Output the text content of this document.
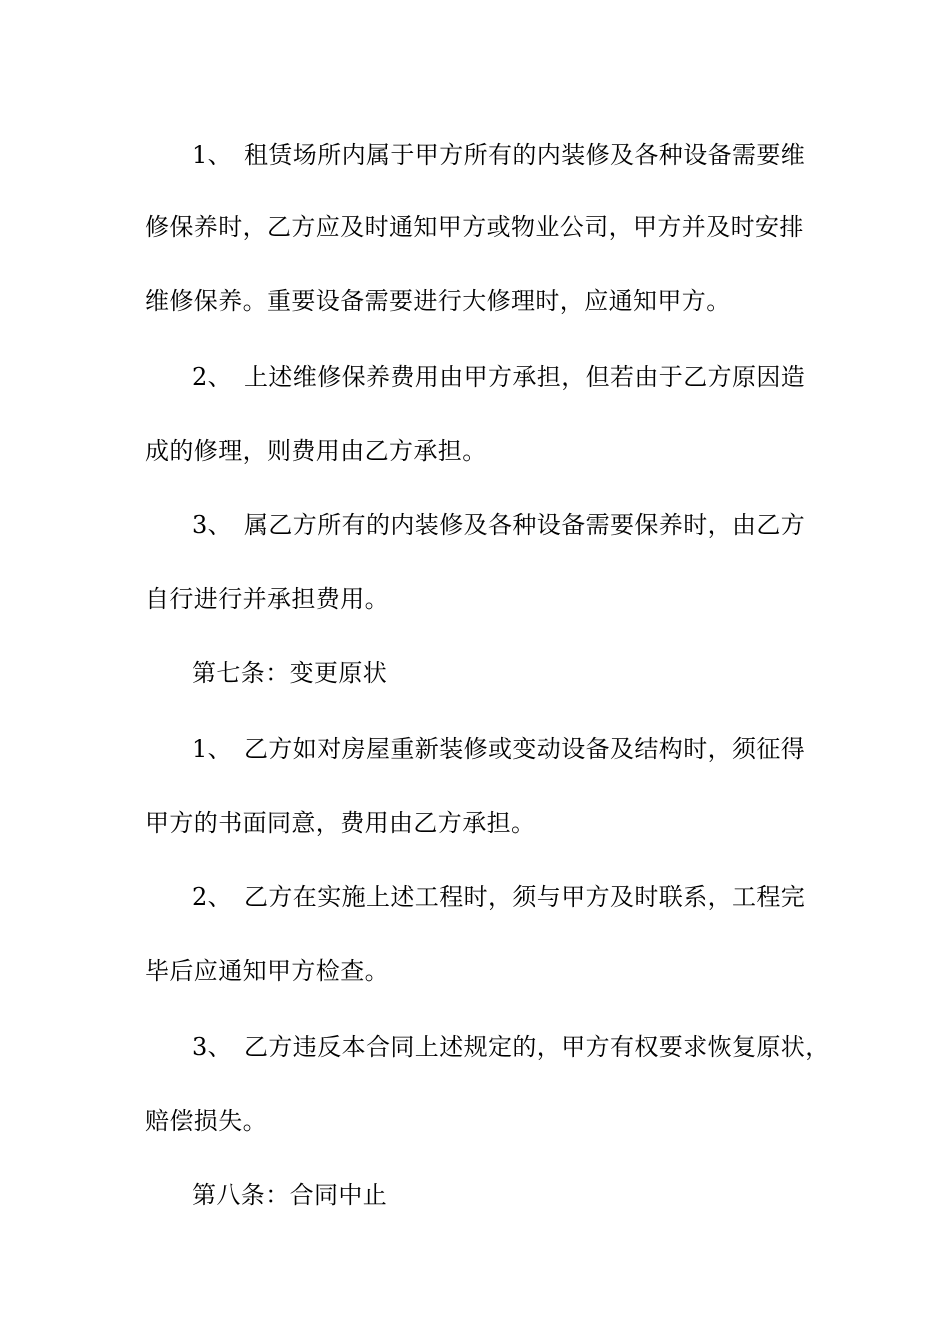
1、 租赁场所内属于甲方所有的内装修及各种设备需要维
修保养时，乙方应及时通知甲方或物业公司，甲方并及时安排
维修保养。重要设备需要进行大修理时，应通知甲方。
2、 上述维修保养费用由甲方承担，但若由于乙方原因造
成的修理，则费用由乙方承担。
3、 属乙方所有的内装修及各种设备需要保养时，由乙方
自行进行并承担费用。
第七条：变更原状
1、 乙方如对房屋重新装修或变动设备及结构时，须征得
甲方的书面同意，费用由乙方承担。
2、 乙方在实施上述工程时，须与甲方及时联系，工程完
毕后应通知甲方检查。
3、 乙方违反本合同上述规定的，甲方有权要求恢复原状，
赔偿损失。
第八条：合同中止
